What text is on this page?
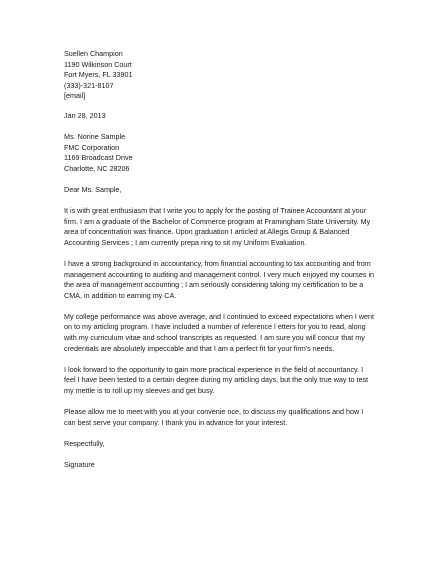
Suellen Champion
1190 Wilkinson Court
Fort Myers, FL 33901
(333)-321-8107
[email]
Jan 28, 2013
Ms. Norine Sample
FMC Corporation
1169 Broadcast Drive
Charlotte, NC 28206
Dear Ms. Sample,
It is with great enthusiasm that I write you to apply for the posting of Trainee Accountant at your
firm. I am a graduate of the Bachelor of Commerce program at Framingham State University. My
area of concentration was finance. Upon graduation I articled at Allegis Group & Balanced
Accounting Services ; I am currently prepa ring to sit my Uniform Evaluation.
I have a strong background in accountancy, from financial accounting to tax accounting and from
management accounting to auditing and management control. I very much enjoyed my courses in
the area of management accounting ; I am seriously considering taking my certification to be a
CMA, in addition to earning my CA.
My college performance was above average, and I continued to exceed expectations when I went
on to my articling program. I have included a number of reference l etters for you to read, along
with my curriculum vitae and school transcripts as requested. I am sure you will concur that my
credentials are absolutely impeccable and that I am a perfect fit for your firm's needs.
I look forward to the opportunity to gain more practical experience in the field of accountancy. I
feel I have been tested to a certain degree during my articling days, but the only true way to test
my mettle is to roll up my sleeves and get busy.
Please allow me to meet with you at your convenie nce, to discuss my qualifications and how I
can best serve your company. I thank you in advance for your interest.
Respectfully,
Signature
